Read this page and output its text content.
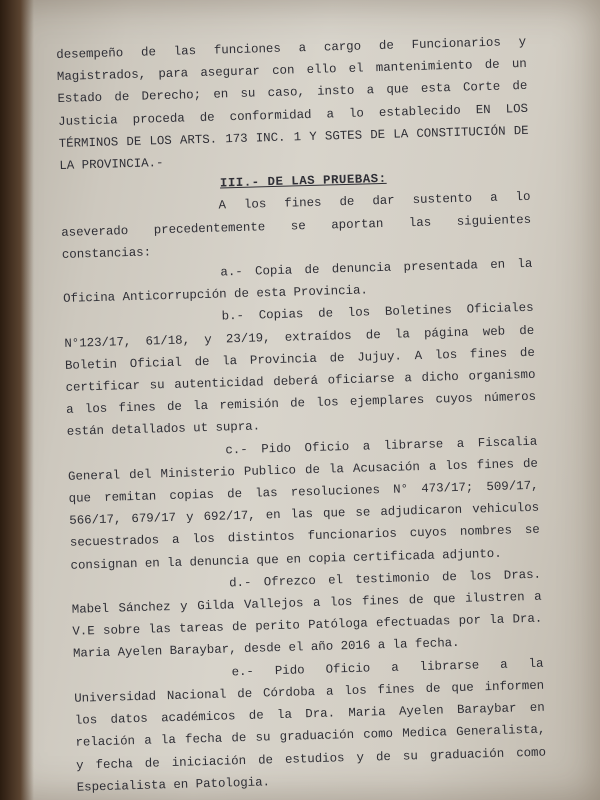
desempeño de las funciones a cargo de Funcionarios y
Magistrados, para asegurar con ello el mantenimiento de un
Estado de Derecho; en su caso, insto a que esta Corte de
Justicia proceda de conformidad a lo establecido EN LOS
TÉRMINOS DE LOS ARTS. 173 INC. 1 Y SGTES DE LA CONSTITUCIÓN DE
LA PROVINCIA.-
III.- DE LAS PRUEBAS:
A los fines de dar sustento a lo
aseverado precedentemente se aportan las siguientes
constancias:
a.- Copia de denuncia presentada en la
Oficina Anticorrupción de esta Provincia.
b.- Copias de los Boletines Oficiales
N°123/17, 61/18, y 23/19, extraídos de la página web de
Boletin Oficial de la Provincia de Jujuy. A los fines de
certificar su autenticidad deberá oficiarse a dicho organismo
a los fines de la remisión de los ejemplares cuyos números
están detallados ut supra.
c.- Pido Oficio a librarse a Fiscalia
General del Ministerio Publico de la Acusación a los fines de
que remitan copias de las resoluciones N° 473/17; 509/17,
566/17, 679/17 y 692/17, en las que se adjudicaron vehiculos
secuestrados a los distintos funcionarios cuyos nombres se
consignan en la denuncia que en copia certificada adjunto.
d.- Ofrezco el testimonio de los Dras.
Mabel Sánchez y Gilda Vallejos a los fines de que ilustren a
V.E sobre las tareas de perito Patóloga efectuadas por la Dra.
Maria Ayelen Baraybar, desde el año 2016 a la fecha.
e.- Pido Oficio a librarse a la
Universidad Nacional de Córdoba a los fines de que informen
los datos académicos de la Dra. Maria Ayelen Baraybar en
relación a la fecha de su graduación como Medica Generalista,
y fecha de iniciación de estudios y de su graduación como
Especialista en Patologia.
